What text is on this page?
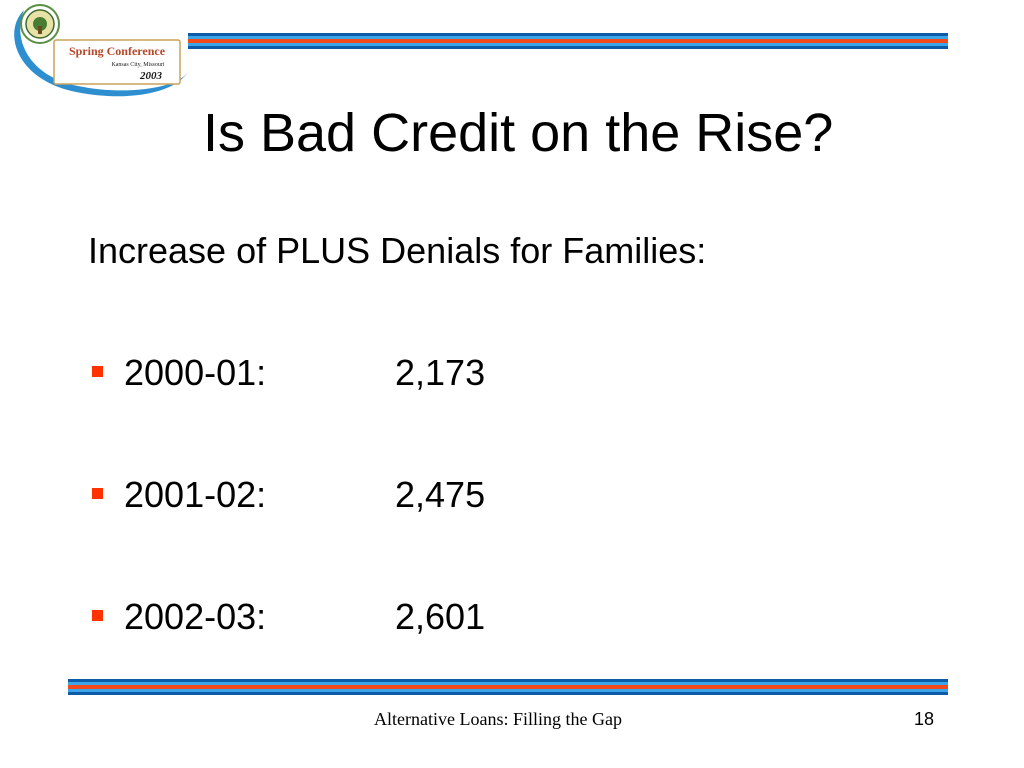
Spring Conference
Kansas City, Missouri
2003
Is Bad Credit on the Rise?
Increase of PLUS Denials for Families:
2000-01:	2,173
2001-02:	2,475
2002-03:	2,601
Alternative Loans: Filling the Gap	18
